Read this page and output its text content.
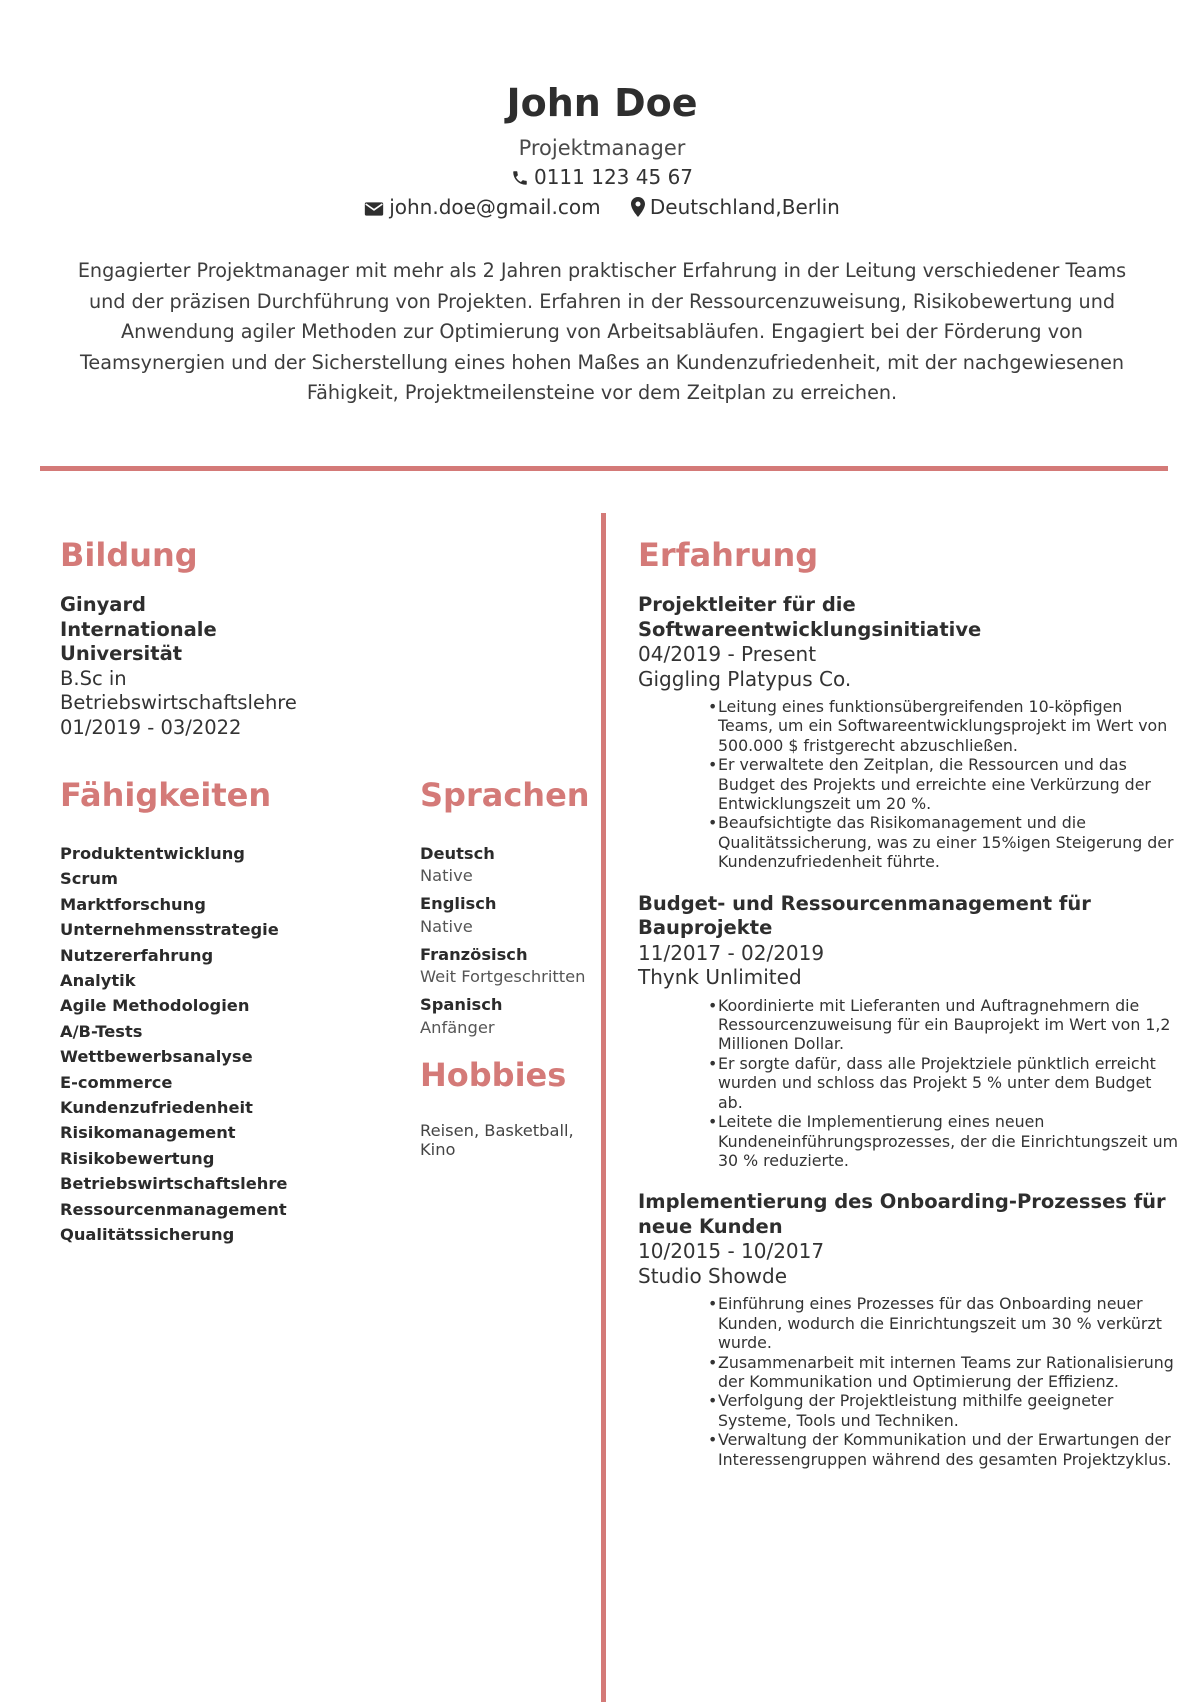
John Doe
Projektmanager
0111 123 45 67
john.doe@gmail.com Deutschland,Berlin
Engagierter Projektmanager mit mehr als 2 Jahren praktischer Erfahrung in der Leitung verschiedener Teams und der präzisen Durchführung von Projekten. Erfahren in der Ressourcenzuweisung, Risikobewertung und Anwendung agiler Methoden zur Optimierung von Arbeitsabläufen. Engagiert bei der Förderung von Teamsynergien und der Sicherstellung eines hohen Maßes an Kundenzufriedenheit, mit der nachgewiesenen Fähigkeit, Projektmeilensteine vor dem Zeitplan zu erreichen.
Bildung
Ginyard Internationale Universität
B.Sc in Betriebswirtschaftslehre
01/2019 - 03/2022
Fähigkeiten
Produktentwicklung
Scrum
Marktforschung
Unternehmensstrategie
Nutzererfahrung
Analytik
Agile Methodologien
A/B-Tests
Wettbewerbsanalyse
E-commerce
Kundenzufriedenheit
Risikomanagement
Risikobewertung
Betriebswirtschaftslehre
Ressourcenmanagement
Qualitätssicherung
Sprachen
Deutsch
Native
Englisch
Native
Französisch
Weit Fortgeschritten
Spanisch
Anfänger
Hobbies
Reisen, Basketball, Kino
Erfahrung
Projektleiter für die Softwareentwicklungsinitiative
04/2019 - Present
Giggling Platypus Co.
• Leitung eines funktionsübergreifenden 10-köpfigen Teams, um ein Softwareentwicklungsprojekt im Wert von 500.000 $ fristgerecht abzuschließen.
• Er verwaltete den Zeitplan, die Ressourcen und das Budget des Projekts und erreichte eine Verkürzung der Entwicklungszeit um 20 %.
• Beaufsichtigte das Risikomanagement und die Qualitätssicherung, was zu einer 15%igen Steigerung der Kundenzufriedenheit führte.
Budget- und Ressourcenmanagement für Bauprojekte
11/2017 - 02/2019
Thynk Unlimited
• Koordinierte mit Lieferanten und Auftragnehmern die Ressourcenzuweisung für ein Bauprojekt im Wert von 1,2 Millionen Dollar.
• Er sorgte dafür, dass alle Projektziele pünktlich erreicht wurden und schloss das Projekt 5 % unter dem Budget ab.
• Leitete die Implementierung eines neuen Kundeneinführungsprozesses, der die Einrichtungszeit um 30 % reduzierte.
Implementierung des Onboarding-Prozesses für neue Kunden
10/2015 - 10/2017
Studio Showde
• Einführung eines Prozesses für das Onboarding neuer Kunden, wodurch die Einrichtungszeit um 30 % verkürzt wurde.
• Zusammenarbeit mit internen Teams zur Rationalisierung der Kommunikation und Optimierung der Effizienz.
• Verfolgung der Projektleistung mithilfe geeigneter Systeme, Tools und Techniken.
• Verwaltung der Kommunikation und der Erwartungen der Interessengruppen während des gesamten Projektzyklus.
